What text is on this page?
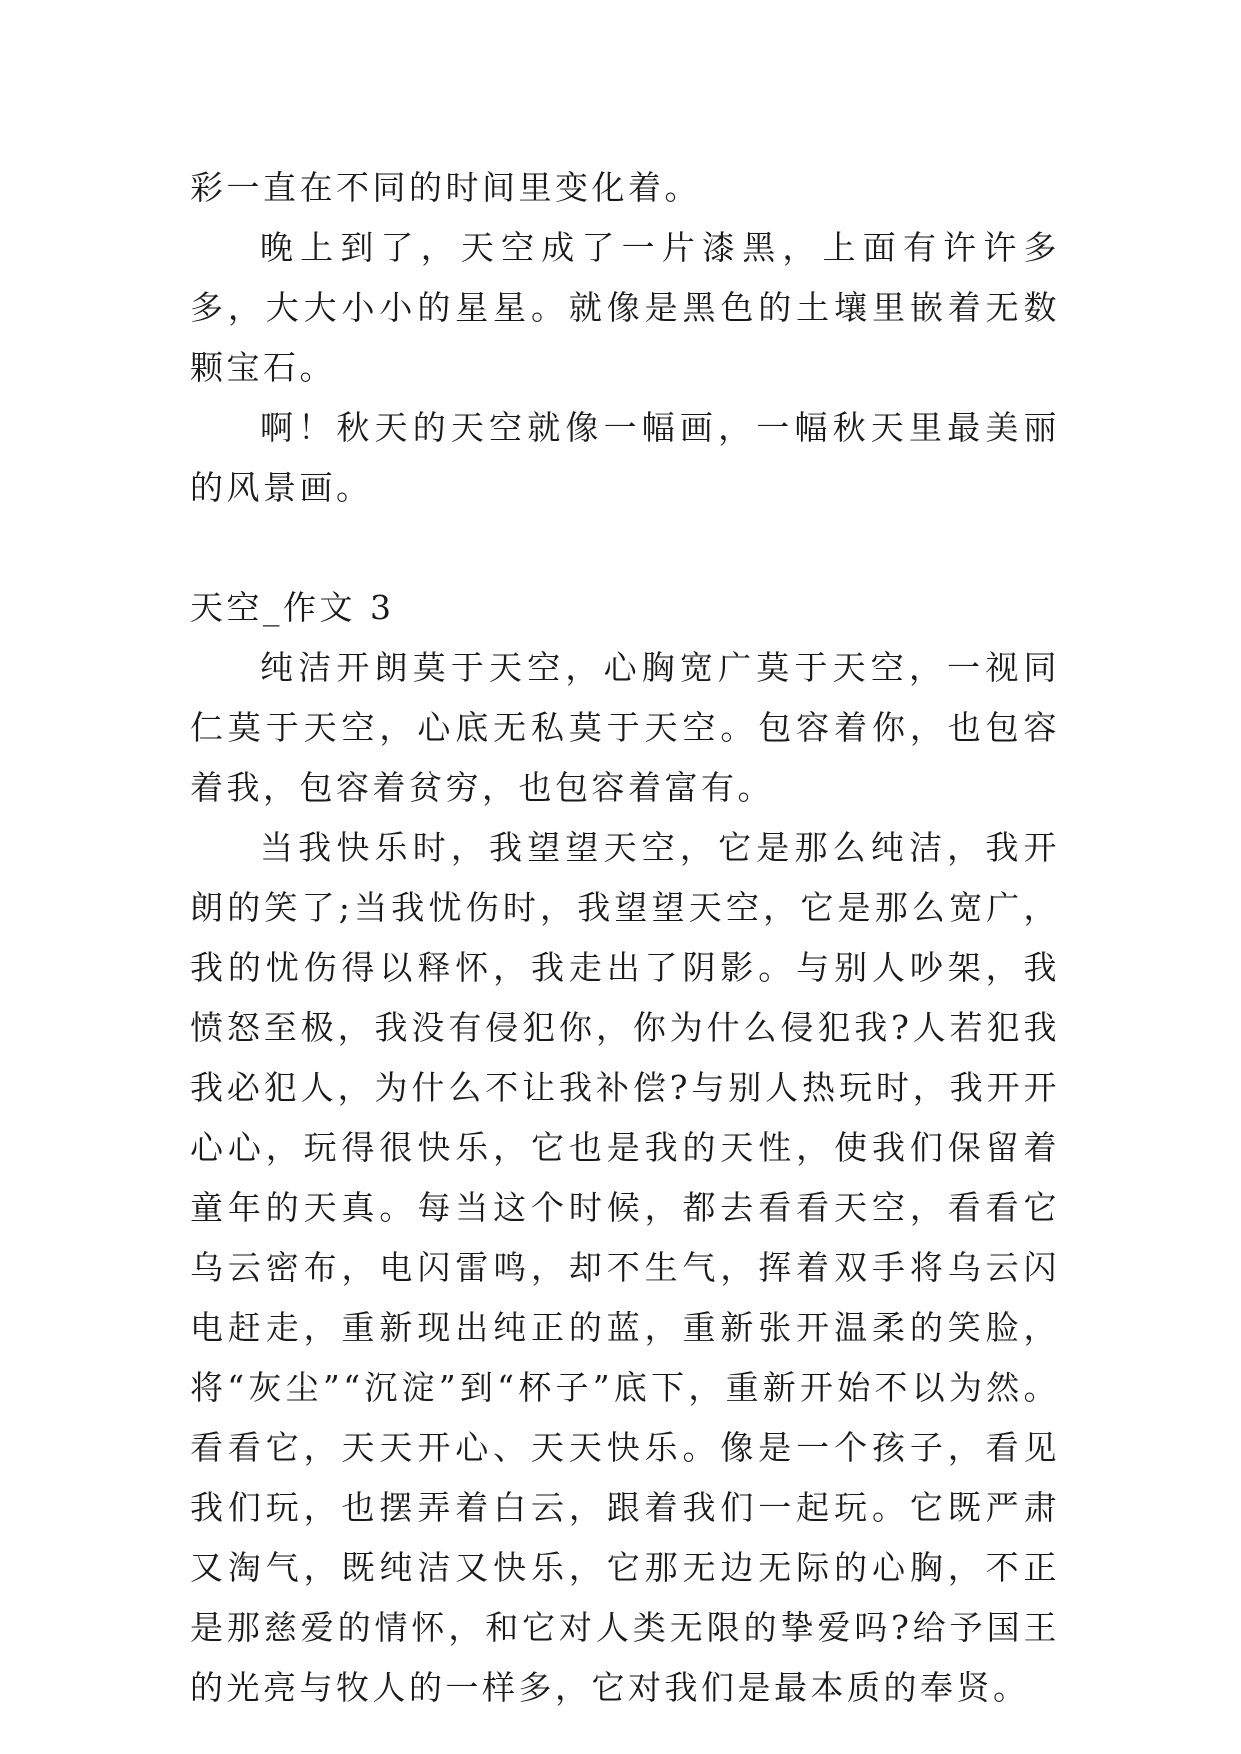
彩一直在不同的时间里变化着。

晚上到了，天空成了一片漆黑，上面有许许多多，大大小小的星星。就像是黑色的土壤里嵌着无数颗宝石。

啊！秋天的天空就像一幅画，一幅秋天里最美丽的风景画。

天空_作文 3

纯洁开朗莫于天空，心胸宽广莫于天空，一视同仁莫于天空，心底无私莫于天空。包容着你，也包容着我，包容着贫穷，也包容着富有。

当我快乐时，我望望天空，它是那么纯洁，我开朗的笑了;当我忧伤时，我望望天空，它是那么宽广，我的忧伤得以释怀，我走出了阴影。与别人吵架，我愤怒至极，我没有侵犯你，你为什么侵犯我?人若犯我我必犯人，为什么不让我补偿?与别人热玩时，我开开心心，玩得很快乐，它也是我的天性，使我们保留着童年的天真。每当这个时候，都去看看天空，看看它乌云密布，电闪雷鸣，却不生气，挥着双手将乌云闪电赶走，重新现出纯正的蓝，重新张开温柔的笑脸，将“灰尘”“沉淀”到“杯子”底下，重新开始不以为然。看看它，天天开心、天天快乐。像是一个孩子，看见我们玩，也摆弄着白云，跟着我们一起玩。它既严肃又淘气，既纯洁又快乐，它那无边无际的心胸，不正是那慈爱的情怀，和它对人类无限的挚爱吗?给予国王的光亮与牧人的一样多，它对我们是最本质的奉贤。
